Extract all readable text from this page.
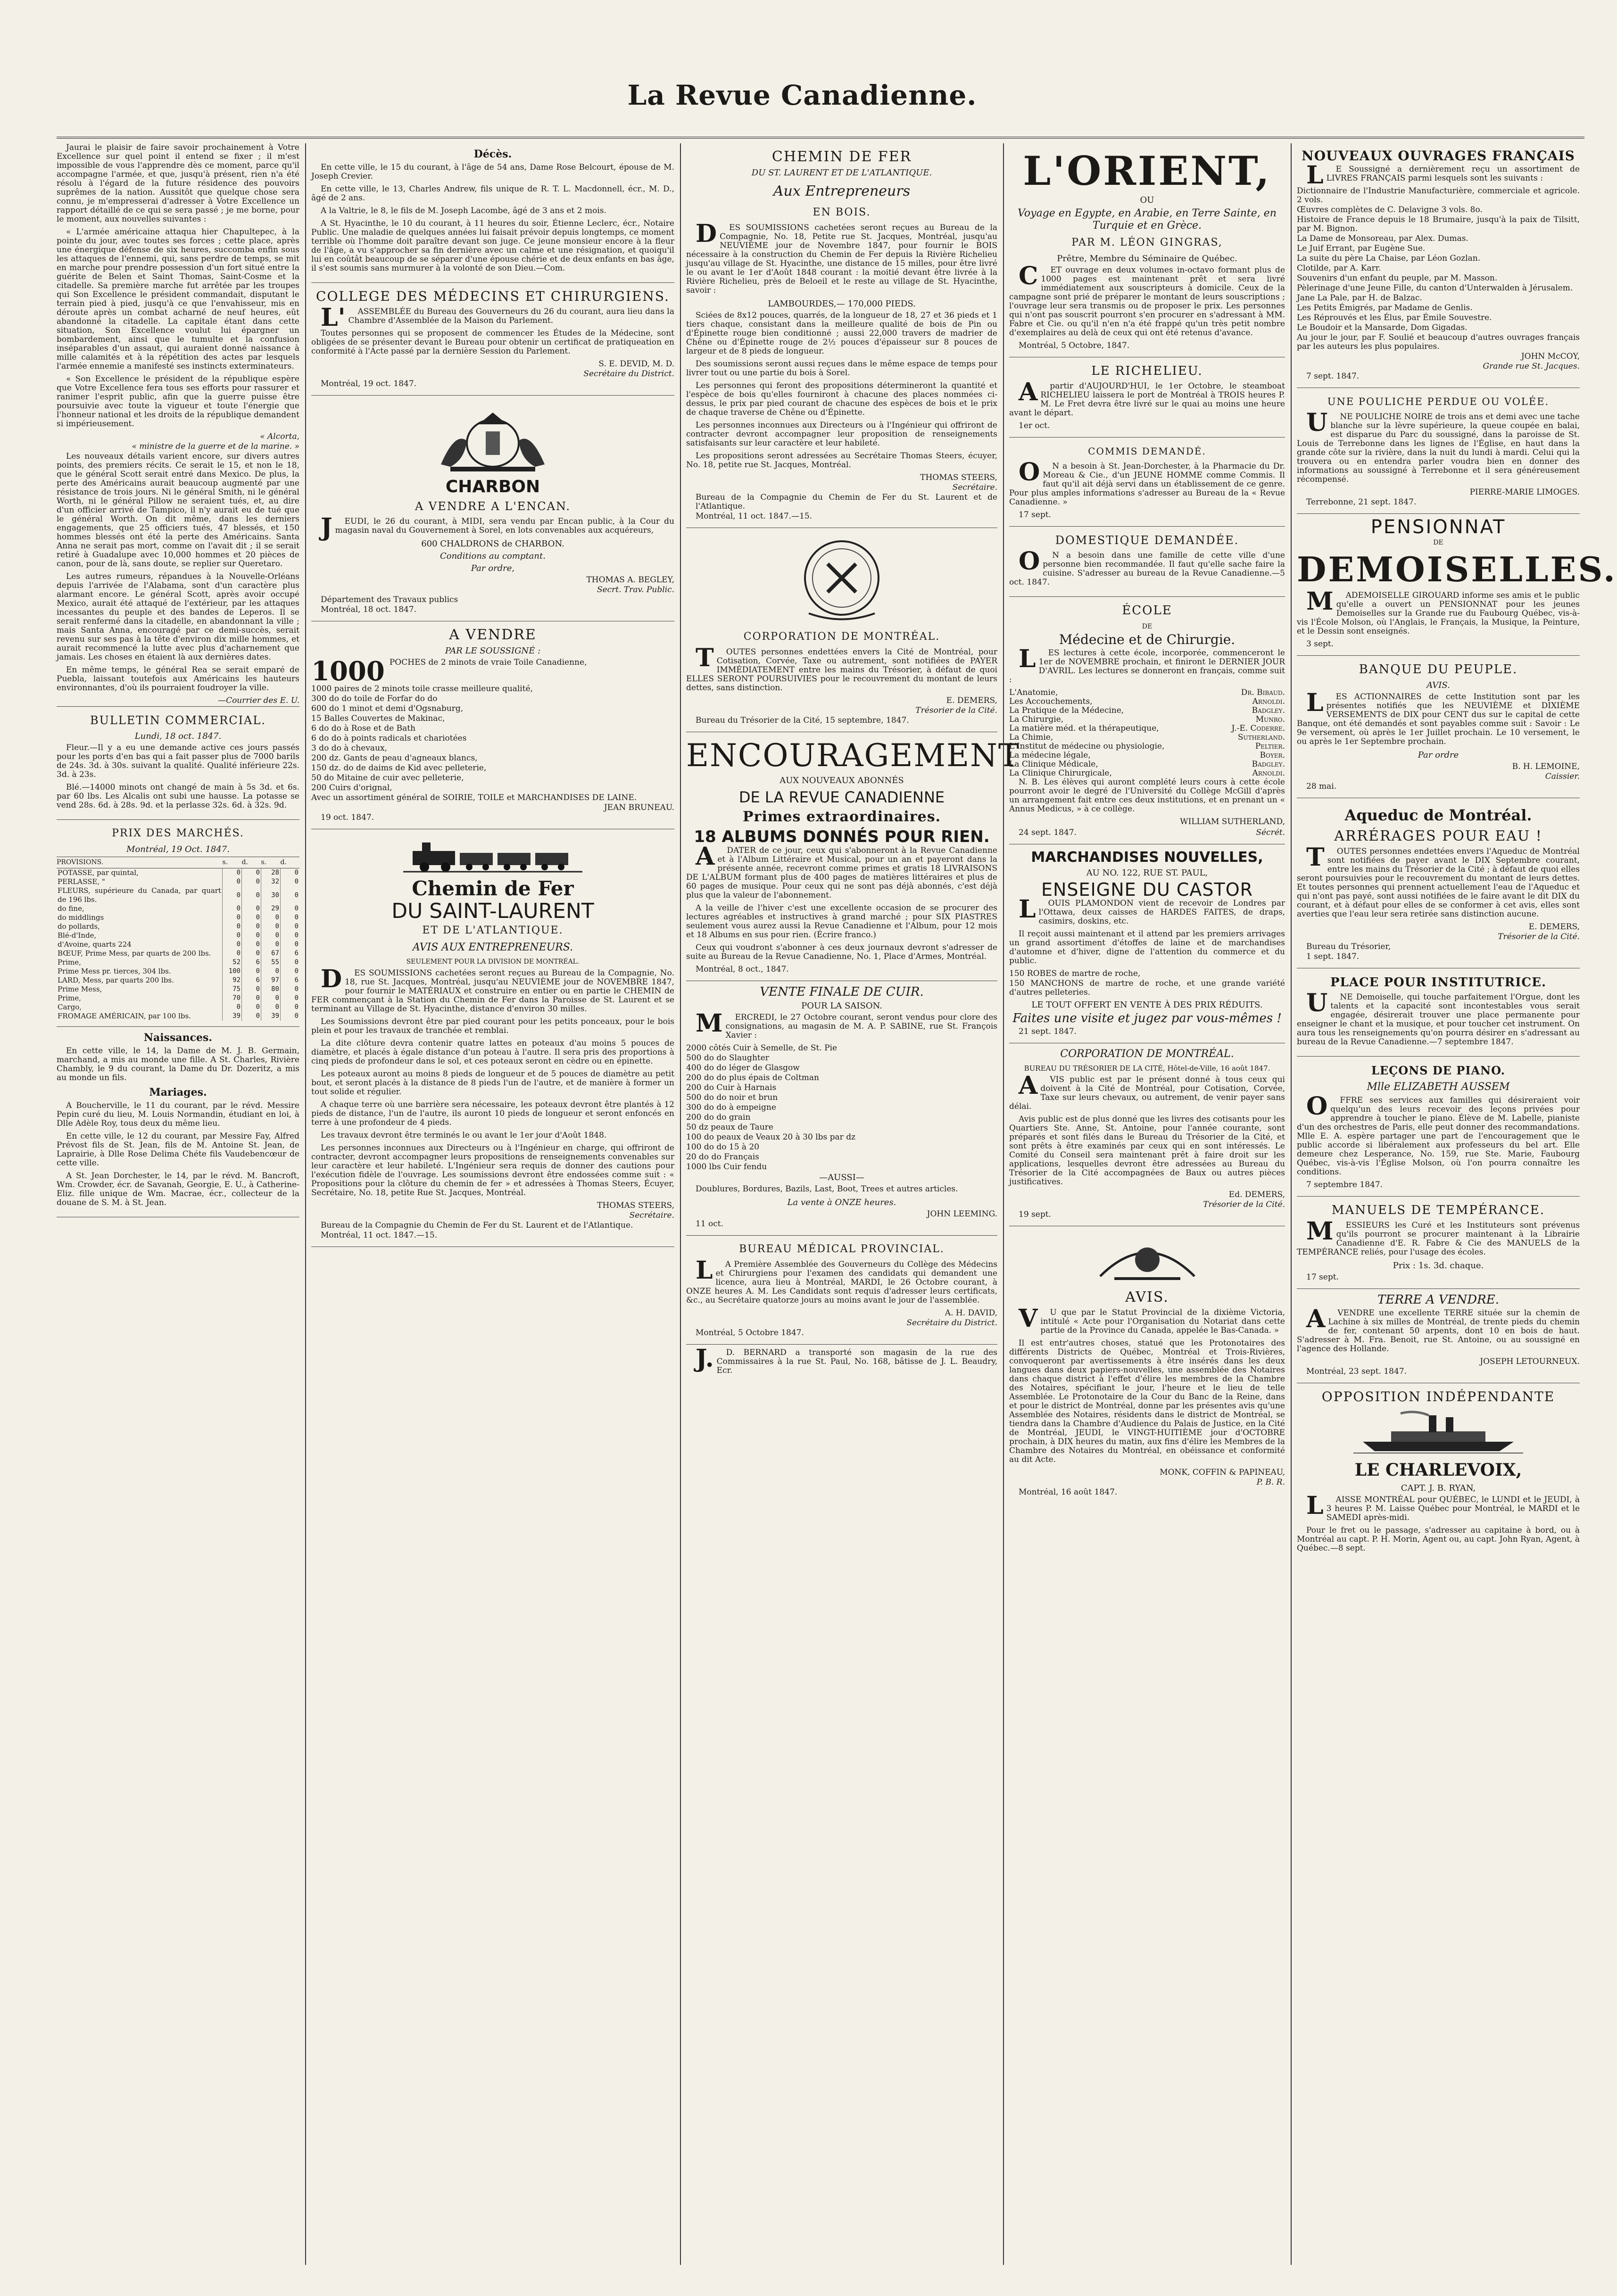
La Revue Canadienne.

Jaurai le plaisir de faire savoir prochainement à Votre Excellence sur quel point il entend se fixer ; il m'est impossible de vous l'apprendre dès ce moment, parce qu'il accompagne l'armée, et que, jusqu'à présent, rien n'a été résolu à l'égard de la future résidence des pouvoirs suprêmes de la nation. Aussitôt que quelque chose sera connu, je m'empresserai d'adresser à Votre Excellence un rapport détaillé de ce qui se sera passé ; je me borne, pour le moment, aux nouvelles suivantes :

« L'armée américaine attaqua hier Chapultepec, à la pointe du jour, avec toutes ses forces ; cette place, après une énergique défense de six heures, succomba enfin sous les attaques de l'ennemi, qui, sans perdre de temps, se mit en marche pour prendre possession d'un fort situé entre la guérite de Belen et Saint Thomas, Saint-Cosme et la citadelle. Sa première marche fut arrêtée par les troupes qui Son Excellence le président commandait, disputant le terrain pied à pied, jusqu'à ce que l'envahisseur, mis en déroute après un combat acharné de neuf heures, eût abandonné la citadelle. La capitale étant dans cette situation, Son Excellence voulut lui épargner un bombardement, ainsi que le tumulte et la confusion inséparables d'un assaut, qui auraient donné naissance à mille calamités et à la répétition des actes par lesquels l'armée ennemie a manifesté ses instincts exterminateurs.

« Son Excellence le président de la république espère que Votre Excellence fera tous ses efforts pour rassurer et ranimer l'esprit public, afin que la guerre puisse être poursuivie avec toute la vigueur et toute l'énergie que l'honneur national et les droits de la république demandent si impérieusement.

« Alcorta,
« ministre de la guerre et de la marine. »

Les nouveaux détails varient encore, sur divers autres points, des premiers récits. Ce serait le 15, et non le 18, que le général Scott serait entré dans Mexico. De plus, la perte des Américains aurait beaucoup augmenté par une résistance de trois jours. Ni le général Smith, ni le général Worth, ni le général Pillow ne seraient tués, et, au dire d'un officier arrivé de Tampico, il n'y aurait eu de tué que le général Worth. On dit même, dans les derniers engagements, que 25 officiers tués, 47 blessés, et 150 hommes blessés ont été la perte des Américains. Santa Anna ne serait pas mort, comme on l'avait dit ; il se serait retiré à Guadalupe avec 10,000 hommes et 20 pièces de canon, pour de là, sans doute, se replier sur Queretaro.

Les autres rumeurs, répandues à la Nouvelle-Orléans depuis l'arrivée de l'Alabama, sont d'un caractère plus alarmant encore. Le général Scott, après avoir occupé Mexico, aurait été attaqué de l'extérieur, par les attaques incessantes du peuple et des bandes de Leperos. Il se serait renfermé dans la citadelle, en abandonnant la ville ; mais Santa Anna, encouragé par ce demi-succès, serait revenu sur ses pas à la tête d'environ dix mille hommes, et aurait recommencé la lutte avec plus d'acharnement que jamais. Les choses en étaient là aux dernières dates.

En même temps, le général Rea se serait emparé de Puebla, laissant toutefois aux Américains les hauteurs environnantes, d'où ils pourraient foudroyer la ville.

—Courrier des E. U.
BULLETIN COMMERCIAL.
Lundi, 18 oct. 1847.

Fleur.—Il y a eu une demande active ces jours passés pour les ports d'en bas qui a fait passer plus de 7000 barils de 24s. 3d. à 30s. suivant la qualité. Qualité inférieure 22s. 3d. à 23s.

Blé.—14000 minots ont changé de main à 5s 3d. et 6s. par 60 lbs. Les Alcalis ont subi une hausse. La potasse se vend 28s. 6d. à 28s. 9d. et la perlasse 32s. 6d. à 32s. 9d.

PRIX DES MARCHÉS.
Montréal, 19 Oct. 1847.
PROVISIONS.	s.	d.	s.	d.
POTASSE, par quintal,	0	0	28	0
PERLASSE, "	0	0	32	0
FLEURS, supérieure du Canada, par quart de 196 lbs.	0	0	30	0
do fine,	0	0	29	0
do middlings	0	0	0	0
do pollards,	0	0	0	0
Blé-d'Inde,	0	0	0	0
d'Avoine, quarts 224	0	0	0	0
BŒUF, Prime Mess, par quarts de 200 lbs.	0	0	67	6
Prime,	52	6	55	0
Prime Mess pr. tierces, 304 lbs.	100	0	0	0
LARD, Mess, par quarts 200 lbs.	92	6	97	6
Prime Mess,	75	0	80	0
Prime,	70	0	0	0
Cargo,	0	0	0	0
FROMAGE AMÉRICAIN, par 100 lbs.	39	0	39	0
Naissances.

En cette ville, le 14, la Dame de M. J. B. Germain, marchand, a mis au monde une fille. A St. Charles, Rivière Chambly, le 9 du courant, la Dame du Dr. Dozeritz, a mis au monde un fils.

Mariages.

A Boucherville, le 11 du courant, par le révd. Messire Pepin curé du lieu, M. Louis Normandin, étudiant en loi, à Dlle Adèle Roy, tous deux du même lieu.

En cette ville, le 12 du courant, par Messire Fay, Alfred Prévost fils de St. Jean, fils de M. Antoine St. Jean, de Laprairie, à Dlle Rose Delima Chéte fils Vaudebencœur de cette ville.

A St. Jean Dorchester, le 14, par le révd. M. Bancroft, Wm. Crowder, écr. de Savanah, Georgie, E. U., à Catherine-Eliz. fille unique de Wm. Macrae, écr., collecteur de la douane de S. M. à St. Jean.

Décès.

En cette ville, le 15 du courant, à l'âge de 54 ans, Dame Rose Belcourt, épouse de M. Joseph Crevier.

En cette ville, le 13, Charles Andrew, fils unique de R. T. L. Macdonnell, écr., M. D., âgé de 2 ans.

A la Valtrie, le 8, le fils de M. Joseph Lacombe, âgé de 3 ans et 2 mois.

A St. Hyacinthe, le 10 du courant, à 11 heures du soir, Étienne Leclerc, écr., Notaire Public. Une maladie de quelques années lui faisait prévoir depuis longtemps, ce moment terrible où l'homme doit paraître devant son juge. Ce jeune monsieur encore à la fleur de l'âge, a vu s'approcher sa fin dernière avec un calme et une résignation, et quoiqu'il lui en coûtât beaucoup de se séparer d'une épouse chérie et de deux enfants en bas âge, il s'est soumis sans murmurer à la volonté de son Dieu.—Com.

COLLEGE DES MÉDECINS ET CHIRURGIENS.

L'ASSEMBLÉE du Bureau des Gouverneurs du 26 du courant, aura lieu dans la Chambre d'Assemblée de la Maison du Parlement.

Toutes personnes qui se proposent de commencer les Études de la Médecine, sont obligées de se présenter devant le Bureau pour obtenir un certificat de pratiqueation en conformité à l'Acte passé par la dernière Session du Parlement.

S. E. DEVID, M. D.
Secrétaire du District.
Montréal, 19 oct. 1847.
CHARBON
A VENDRE A L'ENCAN.

JEUDI, le 26 du courant, à MIDI, sera vendu par Encan public, à la Cour du magasin naval du Gouvernement à Sorel, en lots convenables aux acquéreurs,

600 CHALDRONS de CHARBON.
Conditions au comptant.
Par ordre,
THOMAS A. BEGLEY,
Secrt. Trav. Public.
Département des Travaux publics
Montréal, 18 oct. 1847.
A VENDRE
PAR LE SOUSSIGNÉ :
1000 POCHES de 2 minots de vraie Toile Canadienne,
1000 paires de 2 minots toile crasse meilleure qualité,
300 do do toile de Forfar do do
600 do 1 minot et demi d'Ogsnaburg,
15 Balles Couvertes de Makinac,
6 do do à Rose et de Bath
6 do do à points radicals et chariotées
3 do do à chevaux,
200 dz. Gants de peau d'agneaux blancs,
150 dz. do de daims de Kid avec pelleterie,
50 do Mitaine de cuir avec pelleterie,
200 Cuirs d'orignal,
Avec un assortiment général de SOIRIE, TOILE et MARCHANDISES DE LAINE.
JEAN BRUNEAU.
19 oct. 1847.
Chemin de Fer
DU SAINT-LAURENT
ET DE L'ATLANTIQUE.
AVIS AUX ENTREPRENEURS.
SEULEMENT POUR LA DIVISION DE MONTRÉAL.

DES SOUMISSIONS cachetées seront reçues au Bureau de la Compagnie, No. 18, rue St. Jacques, Montréal, jusqu'au NEUVIÈME jour de NOVEMBRE 1847, pour fournir le MATÉRIAUX et construire en entier ou en partie le CHEMIN de FER commençant à la Station du Chemin de Fer dans la Paroisse de St. Laurent et se terminant au Village de St. Hyacinthe, distance d'environ 30 milles.

Les Soumissions devront être par pied courant pour les petits ponceaux, pour le bois plein et pour les travaux de tranchée et remblai.

La dite clôture devra contenir quatre lattes en poteaux d'au moins 5 pouces de diamètre, et placés à égale distance d'un poteau à l'autre. Il sera pris des proportions à cinq pieds de profondeur dans le sol, et ces poteaux seront en cèdre ou en épinette.

Les poteaux auront au moins 8 pieds de longueur et de 5 pouces de diamètre au petit bout, et seront placés à la distance de 8 pieds l'un de l'autre, et de manière à former un tout solide et régulier.

A chaque terre où une barrière sera nécessaire, les poteaux devront être plantés à 12 pieds de distance, l'un de l'autre, ils auront 10 pieds de longueur et seront enfoncés en terre à une profondeur de 4 pieds.

Les travaux devront être terminés le ou avant le 1er jour d'Août 1848.

Les personnes inconnues aux Directeurs ou à l'Ingénieur en charge, qui offriront de contracter, devront accompagner leurs propositions de renseignements convenables sur leur caractère et leur habileté. L'Ingénieur sera requis de donner des cautions pour l'exécution fidèle de l'ouvrage. Les soumissions devront être endossées comme suit : « Propositions pour la clôture du chemin de fer » et adressées à Thomas Steers, Écuyer, Secrétaire, No. 18, petite Rue St. Jacques, Montréal.

THOMAS STEERS,
Secrétaire.
Bureau de la Compagnie du Chemin de Fer du St. Laurent et de l'Atlantique.
Montréal, 11 oct. 1847.—15.
CHEMIN DE FER
DU ST. LAURENT ET DE L'ATLANTIQUE.
Aux Entrepreneurs
EN BOIS.

DES SOUMISSIONS cachetées seront reçues au Bureau de la Compagnie, No. 18, Petite rue St. Jacques, Montréal, jusqu'au NEUVIÈME jour de Novembre 1847, pour fournir le BOIS nécessaire à la construction du Chemin de Fer depuis la Rivière Richelieu jusqu'au village de St. Hyacinthe, une distance de 15 milles, pour être livré le ou avant le 1er d'Août 1848 courant : la moitié devant être livrée à la Rivière Richelieu, près de Beloeil et le reste au village de St. Hyacinthe, savoir :

LAMBOURDES,— 170,000 PIEDS.

Sciées de 8x12 pouces, quarrés, de la longueur de 18, 27 et 36 pieds et 1 tiers chaque, consistant dans la meilleure qualité de bois de Pin ou d'Épinette rouge bien conditionné ; aussi 22,000 travers de madrier de Chêne ou d'Épinette rouge de 2½ pouces d'épaisseur sur 8 pouces de largeur et de 8 pieds de longueur.

Des soumissions seront aussi reçues dans le même espace de temps pour livrer tout ou une partie du bois à Sorel.

Les personnes qui feront des propositions détermineront la quantité et l'espèce de bois qu'elles fourniront à chacune des places nommées ci-dessus, le prix par pied courant de chacune des espèces de bois et le prix de chaque traverse de Chêne ou d'Épinette.

Les personnes inconnues aux Directeurs ou à l'Ingénieur qui offriront de contracter devront accompagner leur proposition de renseignements satisfaisants sur leur caractère et leur habileté.

Les propositions seront adressées au Secrétaire Thomas Steers, écuyer, No. 18, petite rue St. Jacques, Montréal.

THOMAS STEERS,
Secrétaire.
Bureau de la Compagnie du Chemin de Fer du St. Laurent et de l'Atlantique.
Montréal, 11 oct. 1847.—15.
CORPORATION DE MONTRÉAL.

TOUTES personnes endettées envers la Cité de Montréal, pour Cotisation, Corvée, Taxe ou autrement, sont notifiées de PAYER IMMÉDIATEMENT entre les mains du Trésorier, à défaut de quoi ELLES SERONT POURSUIVIES pour le recouvrement du montant de leurs dettes, sans distinction.

E. DEMERS,
Trésorier de la Cité.
Bureau du Trésorier de la Cité, 15 septembre, 1847.
ENCOURAGEMENT
AUX NOUVEAUX ABONNÉS
DE LA REVUE CANADIENNE
Primes extraordinaires.
18 ALBUMS DONNÉS POUR RIEN.

ADATER de ce jour, ceux qui s'abonneront à la Revue Canadienne et à l'Album Littéraire et Musical, pour un an et payeront dans la présente année, recevront comme primes et gratis 18 LIVRAISONS DE L'ALBUM formant plus de 400 pages de matières littéraires et plus de 60 pages de musique. Pour ceux qui ne sont pas déjà abonnés, c'est déjà plus que la valeur de l'abonnement.

A la veille de l'hiver c'est une excellente occasion de se procurer des lectures agréables et instructives à grand marché ; pour SIX PIASTRES seulement vous aurez aussi la Revue Canadienne et l'Album, pour 12 mois et 18 Albums en sus pour rien. (Écrire franco.)

Ceux qui voudront s'abonner à ces deux journaux devront s'adresser de suite au Bureau de la Revue Canadienne, No. 1, Place d'Armes, Montréal.

Montréal, 8 oct., 1847.
VENTE FINALE DE CUIR.
POUR LA SAISON.

MERCREDI, le 27 Octobre courant, seront vendus pour clore des consignations, au magasin de M. A. P. SABINE, rue St. François Xavier :

2000 côtés Cuir à Semelle, de St. Pie
500 do do Slaughter
400 do do léger de Glasgow
200 do do plus épais de Coltman
200 do Cuir à Harnais
500 do do noir et brun
300 do do à empeigne
200 do do grain
50 dz peaux de Taure
100 do peaux de Veaux 20 à 30 lbs par dz
100 do do 15 à 20
20 do do Français
1000 lbs Cuir fendu
—AUSSI—

Doublures, Bordures, Bazils, Last, Boot, Trees et autres articles.

La vente à ONZE heures.
JOHN LEEMING.
11 oct.
BUREAU MÉDICAL PROVINCIAL.

LA Première Assemblée des Gouverneurs du Collège des Médecins et Chirurgiens pour l'examen des candidats qui demandent une licence, aura lieu à Montréal, MARDI, le 26 Octobre courant, à ONZE heures A. M. Les Candidats sont requis d'adresser leurs certificats, &c., au Secrétaire quatorze jours au moins avant le jour de l'assemblée.

A. H. DAVID,
Secrétaire du District.
Montréal, 5 Octobre 1847.

J.D. BERNARD a transporté son magasin de la rue des Commissaires à la rue St. Paul, No. 168, bâtisse de J. L. Beaudry, Ecr.

L'ORIENT,
OU
Voyage en Egypte, en Arabie, en Terre Sainte, en Turquie et en Grèce.
PAR M. LÉON GINGRAS,
Prêtre, Membre du Séminaire de Québec.

CET ouvrage en deux volumes in-octavo formant plus de 1000 pages est maintenant prêt et sera livré immédiatement aux souscripteurs à domicile. Ceux de la campagne sont prié de préparer le montant de leurs souscriptions ; l'ouvrage leur sera transmis ou de proposer le prix. Les personnes qui n'ont pas souscrit pourront s'en procurer en s'adressant à MM. Fabre et Cie. ou qu'il n'en n'a été frappé qu'un très petit nombre d'exemplaires au delà de ceux qui ont été retenus d'avance.

Montréal, 5 Octobre, 1847.
LE RICHELIEU.

Apartir d'AUJOURD'HUI, le 1er Octobre, le steamboat RICHELIEU laissera le port de Montréal à TROIS heures P. M. Le Fret devra être livré sur le quai au moins une heure avant le départ.

1er oct.
COMMIS DEMANDÉ.

ON a besoin à St. Jean-Dorchester, à la Pharmacie du Dr. Moreau & Cie., d'un JEUNE HOMME comme Commis. Il faut qu'il ait déjà servi dans un établissement de ce genre. Pour plus amples informations s'adresser au Bureau de la « Revue Canadienne. »

17 sept.
DOMESTIQUE DEMANDÉE.

ON a besoin dans une famille de cette ville d'une personne bien recommandée. Il faut qu'elle sache faire la cuisine. S'adresser au bureau de la Revue Canadienne.—5 oct. 1847.

ÉCOLE
DE
Médecine et de Chirurgie.

LES lectures à cette école, incorporée, commenceront le 1er de NOVEMBRE prochain, et finiront le DERNIER JOUR D'AVRIL. Les lectures se donneront en français, comme suit :

L'Anatomie,	Dr. Bibaud.
Les Accouchements,	Arnoldi.
La Pratique de la Médecine,	Badgley.
La Chirurgie,	Munro.
La matière méd. et la thérapeutique,	J.-E. Coderre.
La Chimie,	Sutherland.
L'Institut de médecine ou physiologie,	Peltier.
La médecine légale,	Boyer.
La Clinique Médicale,	Badgley.
La Clinique Chirurgicale,	Arnoldi.

N. B. Les élèves qui auront complété leurs cours à cette école pourront avoir le degré de l'Université du Collège McGill d'après un arrangement fait entre ces deux institutions, et en prenant un « Annus Medicus, » à ce collège.

WILLIAM SUTHERLAND,
24 sept. 1847.	Sécrét.
MARCHANDISES NOUVELLES,
AU NO. 122, RUE ST. PAUL,
ENSEIGNE DU CASTOR

LOUIS PLAMONDON vient de recevoir de Londres par l'Ottawa, deux caisses de HARDES FAITES, de draps, casimirs, doskins, etc.

Il reçoit aussi maintenant et il attend par les premiers arrivages un grand assortiment d'étoffes de laine et de marchandises d'automne et d'hiver, digne de l'attention du commerce et du public.

150 ROBES de martre de roche,
150 MANCHONS de martre de roche, et une grande variété d'autres pelleteries.
LE TOUT OFFERT EN VENTE À DES PRIX RÉDUITS.
Faites une visite et jugez par vous-mêmes !
21 sept. 1847.
CORPORATION DE MONTRÉAL.
BUREAU DU TRÉSORIER DE LA CITÉ, Hôtel-de-Ville, 16 août 1847.

AVIS public est par le présent donné à tous ceux qui doivent à la Cité de Montréal, pour Cotisation, Corvée, Taxe sur leurs chevaux, ou autrement, de venir payer sans délai.

Avis public est de plus donné que les livres des cotisants pour les Quartiers Ste. Anne, St. Antoine, pour l'année courante, sont préparés et sont filés dans le Bureau du Trésorier de la Cité, et sont prêts à être examinés par ceux qui en sont intéressés. Le Comité du Conseil sera maintenant prêt à faire droit sur les applications, lesquelles devront être adressées au Bureau du Trésorier de la Cité accompagnées de Baux ou autres pièces justificatives.

Ed. DEMERS,
Trésorier de la Cité.
19 sept.
AVIS.

VU que par le Statut Provincial de la dixième Victoria, intitulé « Acte pour l'Organisation du Notariat dans cette partie de la Province du Canada, appelée le Bas-Canada. »

Il est entr'autres choses, statué que les Protonotaires des différents Districts de Québec, Montréal et Trois-Rivières, convoqueront par avertissements à être insérés dans les deux langues dans deux papiers-nouvelles, une assemblée des Notaires dans chaque district à l'effet d'élire les membres de la Chambre des Notaires, spécifiant le jour, l'heure et le lieu de telle Assemblée. Le Protonotaire de la Cour du Banc de la Reine, dans et pour le district de Montréal, donne par les présentes avis qu'une Assemblée des Notaires, résidents dans le district de Montréal, se tiendra dans la Chambre d'Audience du Palais de Justice, en la Cité de Montréal, JEUDI, le VINGT-HUITIÈME jour d'OCTOBRE prochain, à DIX heures du matin, aux fins d'élire les Membres de la Chambre des Notaires du Montréal, en obéissance et conformité au dit Acte.

MONK, COFFIN & PAPINEAU,
P. B. R.
Montréal, 16 août 1847.
NOUVEAUX OUVRAGES FRANÇAIS

LE Soussigné a dernièrement reçu un assortiment de LIVRES FRANÇAIS parmi lesquels sont les suivants :

Dictionnaire de l'Industrie Manufacturière, commerciale et agricole. 2 vols.
Œuvres complètes de C. Delavigne 3 vols. 8o.
Histoire de France depuis le 18 Brumaire, jusqu'à la paix de Tilsitt, par M. Bignon.
La Dame de Monsoreau, par Alex. Dumas.
Le Juif Errant, par Eugène Sue.
La suite du père La Chaise, par Léon Gozlan.
Clotilde, par A. Karr.
Souvenirs d'un enfant du peuple, par M. Masson.
Pèlerinage d'une Jeune Fille, du canton d'Unterwalden à Jérusalem.
Jane La Pale, par H. de Balzac.
Les Petits Émigrés, par Madame de Genlis.
Les Réprouvés et les Élus, par Émile Souvestre.
Le Boudoir et la Mansarde, Dom Gigadas.
Au jour le jour, par F. Soulié et beaucoup d'autres ouvrages français par les auteurs les plus populaires.
JOHN McCOY,
Grande rue St. Jacques.
7 sept. 1847.
UNE POULICHE PERDUE OU VOLÉE.

UNE POULICHE NOIRE de trois ans et demi avec une tache blanche sur la lèvre supérieure, la queue coupée en balai, est disparue du Parc du soussigné, dans la paroisse de St. Louis de Terrebonne dans les lignes de l'Église, en haut dans la grande côte sur la rivière, dans la nuit du lundi à mardi. Celui qui la trouvera ou en entendra parler voudra bien en donner des informations au soussigné à Terrebonne et il sera généreusement récompensé.

PIERRE-MARIE LIMOGES.
Terrebonne, 21 sept. 1847.
PENSIONNAT
DE
DEMOISELLES.

MADEMOISELLE GIROUARD informe ses amis et le public qu'elle a ouvert un PENSIONNAT pour les jeunes Demoiselles sur la Grande rue du Faubourg Québec, vis-à-vis l'École Molson, où l'Anglais, le Français, la Musique, la Peinture, et le Dessin sont enseignés.

3 sept.
BANQUE DU PEUPLE.
AVIS.

LES ACTIONNAIRES de cette Institution sont par les présentes notifiés que les NEUVIÈME et DIXIÈME VERSEMENTS de DIX pour CENT dus sur le capital de cette Banque, ont été demandés et sont payables comme suit : Savoir : Le 9e versement, où après le 1er Juillet prochain. Le 10 versement, le ou après le 1er Septembre prochain.

Par ordre
B. H. LEMOINE,
Caissier.
28 mai.
Aqueduc de Montréal.
ARRÉRAGES POUR EAU !

TOUTES personnes endettées envers l'Aqueduc de Montréal sont notifiées de payer avant le DIX Septembre courant, entre les mains du Trésorier de la Cité ; à défaut de quoi elles seront poursuivies pour le recouvrement du montant de leurs dettes. Et toutes personnes qui prennent actuellement l'eau de l'Aqueduc et qui n'ont pas payé, sont aussi notifiées de le faire avant le dit DIX du courant, et à défaut pour elles de se conformer à cet avis, elles sont averties que l'eau leur sera retirée sans distinction aucune.

E. DEMERS,
Trésorier de la Cité.
Bureau du Trésorier,
1 sept. 1847.
PLACE POUR INSTITUTRICE.

UNE Demoiselle, qui touche parfaitement l'Orgue, dont les talents et la capacité sont incontestables vous serait engagée, désirerait trouver une place permanente pour enseigner le chant et la musique, et pour toucher cet instrument. On aura tous les renseignements qu'on pourra désirer en s'adressant au bureau de la Revue Canadienne.—7 septembre 1847.

LEÇONS DE PIANO.
Mlle ELIZABETH AUSSEM

OFFRE ses services aux familles qui désireraient voir quelqu'un des leurs recevoir des leçons privées pour apprendre à toucher le piano. Élève de M. Labelle, pianiste d'un des orchestres de Paris, elle peut donner des recommandations. Mlle E. A. espère partager une part de l'encouragement que le public accorde si libéralement aux professeurs du bel art. Elle demeure chez Lesperance, No. 159, rue Ste. Marie, Faubourg Québec, vis-à-vis l'Église Molson, où l'on pourra connaître les conditions.

7 septembre 1847.
MANUELS DE TEMPÉRANCE.

MESSIEURS les Curé et les Instituteurs sont prévenus qu'ils pourront se procurer maintenant à la Librairie Canadienne d'E. R. Fabre & Cie des MANUELS de la TEMPÉRANCE reliés, pour l'usage des écoles.

Prix : 1s. 3d. chaque.
17 sept.
TERRE A VENDRE.

AVENDRE une excellente TERRE située sur la chemin de Lachine à six milles de Montréal, de trente pieds du chemin de fer, contenant 50 arpents, dont 10 en bois de haut. S'adresser à M. Fra. Benoit, rue St. Antoine, ou au soussigné en l'agence des Hollande.

JOSEPH LETOURNEUX.
Montréal, 23 sept. 1847.
OPPOSITION INDÉPENDANTE
LE CHARLEVOIX,
CAPT. J. B. RYAN,

LAISSE MONTRÉAL pour QUÉBEC, le LUNDI et le JEUDI, à 3 heures P. M. Laisse Québec pour Montréal, le MARDI et le SAMEDI après-midi.

Pour le fret ou le passage, s'adresser au capitaine à bord, ou à Montréal au capt. P. H. Morin, Agent ou, au capt. John Ryan, Agent, à Québec.—8 sept.
